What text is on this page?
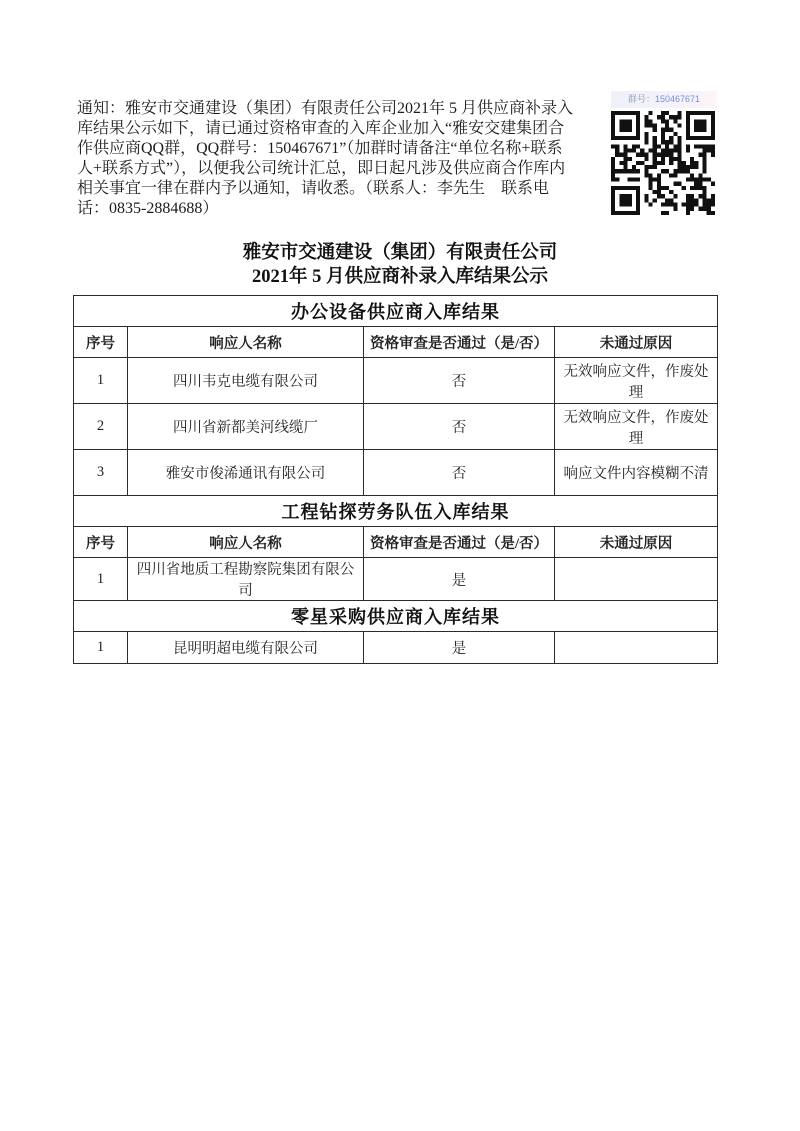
通知：雅安市交通建设（集团）有限责任公司2021年 5 月供应商补录入
库结果公示如下，请已通过资格审查的入库企业加入“雅安交建集团合
作供应商QQ群，QQ群号：150467671”（加群时请备注“单位名称+联系
人+联系方式”），以便我公司统计汇总，即日起凡涉及供应商合作库内
相关事宜一律在群内予以通知，请收悉。（联系人：李先生　联系电
话：0835-2884688）
群号：150467671
雅安市交通建设（集团）有限责任公司
2021年 5 月供应商补录入库结果公示
办公设备供应商入库结果			
序号	响应人名称	资格审查是否通过（是/否）	未通过原因
1	四川韦克电缆有限公司	否	无效响应文件，作废处理
2	四川省新都美河线缆厂	否	无效响应文件，作废处理
3	雅安市俊浠通讯有限公司	否	响应文件内容模糊不清
工程钻探劳务队伍入库结果			
序号	响应人名称	资格审查是否通过（是/否）	未通过原因
1	四川省地质工程勘察院集团有限公司	是	
零星采购供应商入库结果			
1	昆明明超电缆有限公司	是	
